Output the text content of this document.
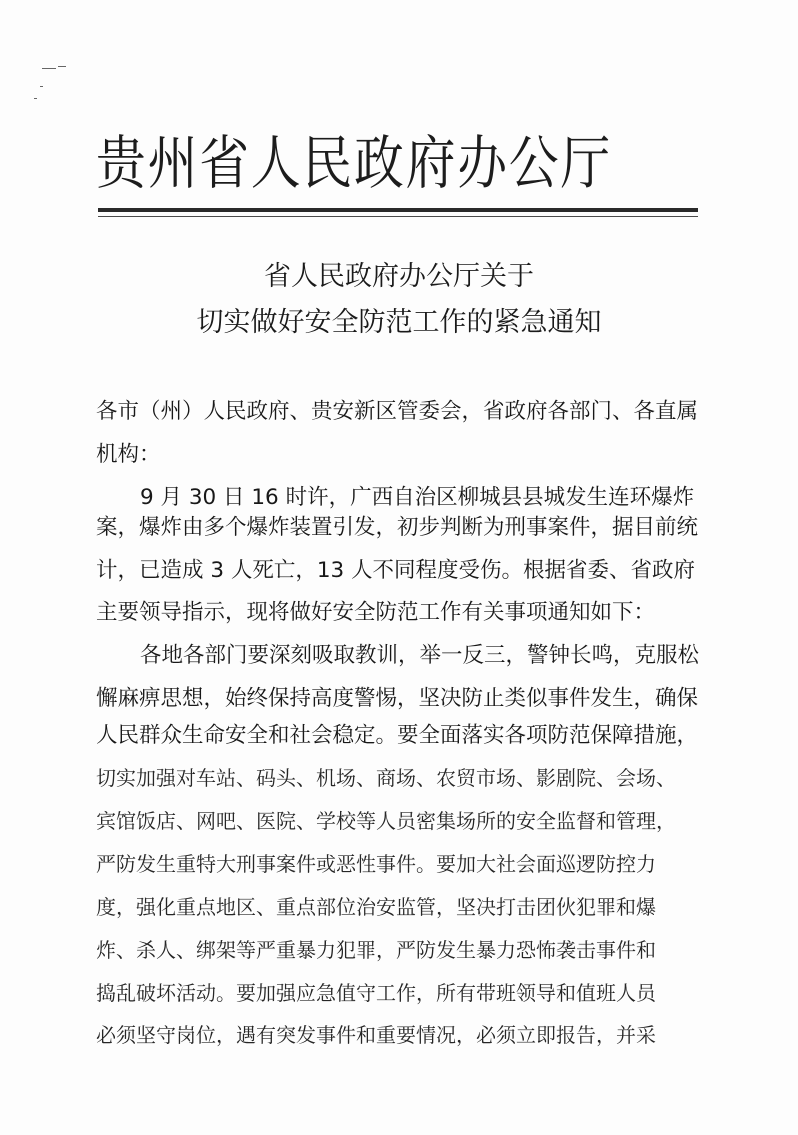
贵州省人民政府办公厅
省人民政府办公厅关于
切实做好安全防范工作的紧急通知
各市（州）人民政府、贵安新区管委会，省政府各部门、各直属
机构：
9 月 30 日 16 时许，广西自治区柳城县县城发生连环爆炸
案，爆炸由多个爆炸装置引发，初步判断为刑事案件，据目前统
计，已造成 3 人死亡，13 人不同程度受伤。根据省委、省政府
主要领导指示，现将做好安全防范工作有关事项通知如下：
各地各部门要深刻吸取教训，举一反三，警钟长鸣，克服松
懈麻痹思想，始终保持高度警惕，坚决防止类似事件发生，确保
人民群众生命安全和社会稳定。要全面落实各项防范保障措施，
切实加强对车站、码头、机场、商场、农贸市场、影剧院、会场、
宾馆饭店、网吧、医院、学校等人员密集场所的安全监督和管理，
严防发生重特大刑事案件或恶性事件。要加大社会面巡逻防控力
度，强化重点地区、重点部位治安监管，坚决打击团伙犯罪和爆
炸、杀人、绑架等严重暴力犯罪，严防发生暴力恐怖袭击事件和
捣乱破坏活动。要加强应急值守工作，所有带班领导和值班人员
必须坚守岗位，遇有突发事件和重要情况，必须立即报告，并采
